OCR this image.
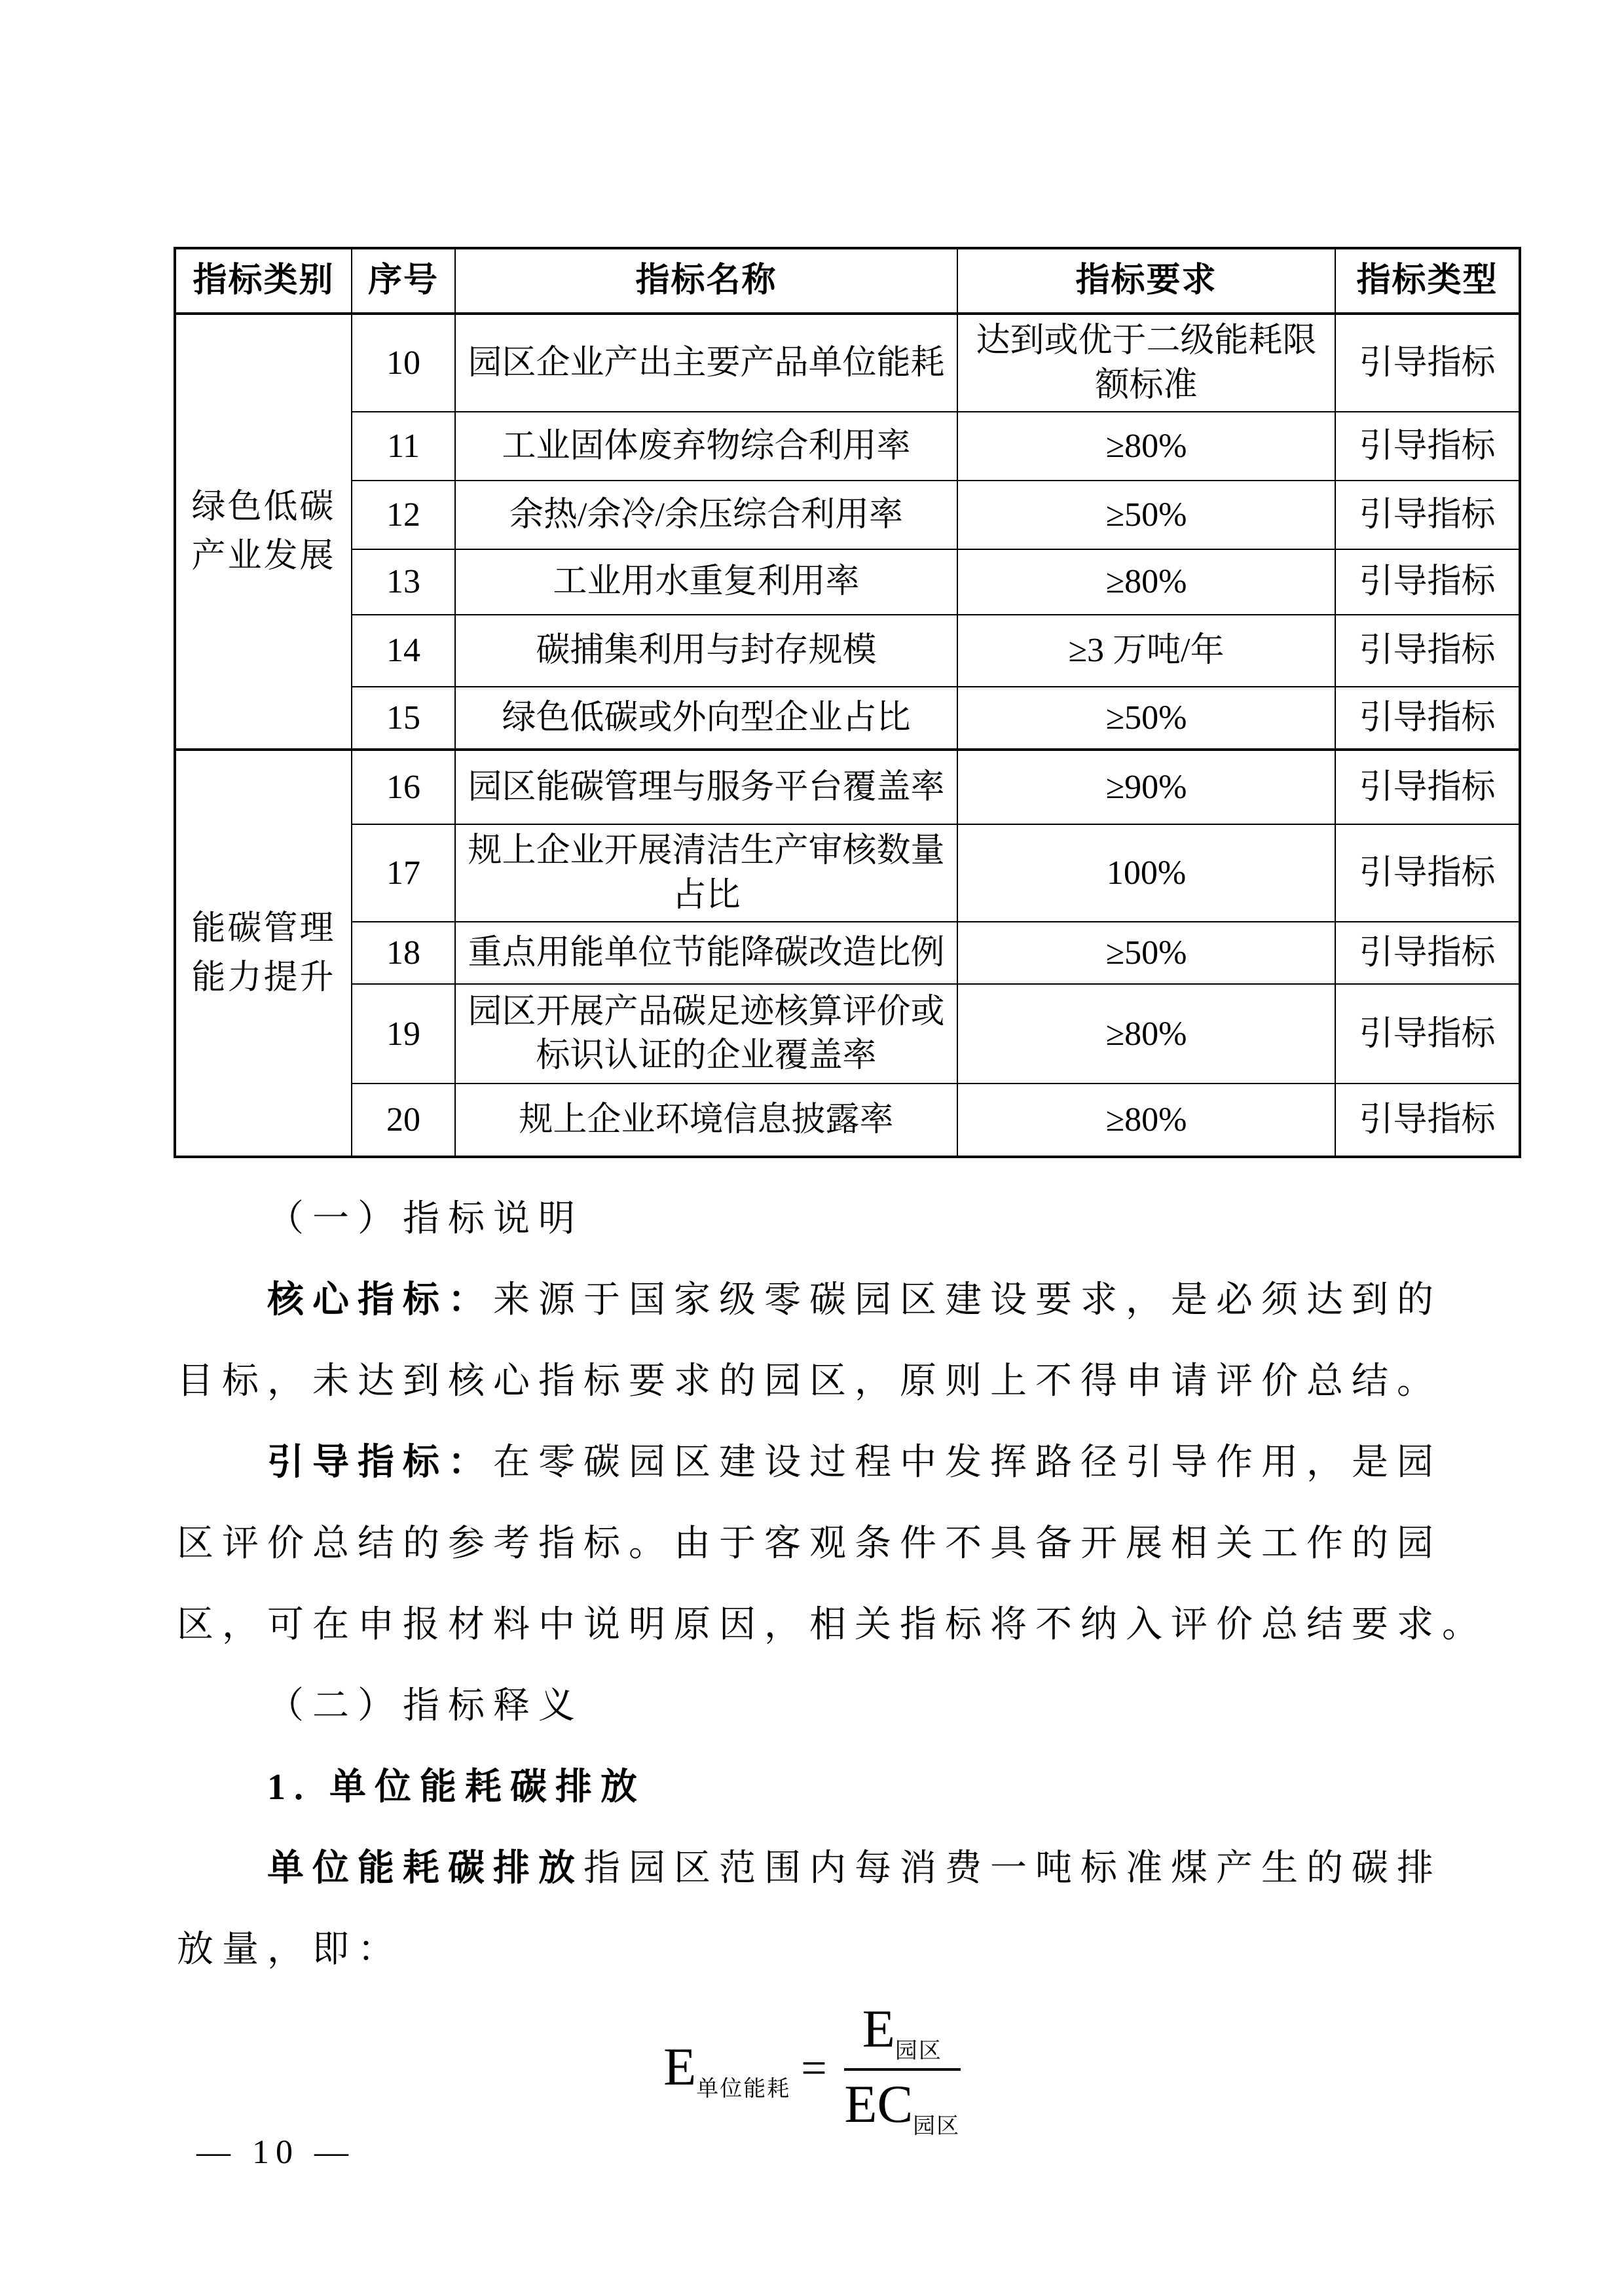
指标类别	序号	指标名称	指标要求	指标类型
绿色低碳产业发展	10	园区企业产出主要产品单位能耗	达到或优于二级能耗限额标准	引导指标
	11	工业固体废弃物综合利用率	≥80%	引导指标
	12	余热/余冷/余压综合利用率	≥50%	引导指标
	13	工业用水重复利用率	≥80%	引导指标
	14	碳捕集利用与封存规模	≥3 万吨/年	引导指标
	15	绿色低碳或外向型企业占比	≥50%	引导指标
能碳管理能力提升	16	园区能碳管理与服务平台覆盖率	≥90%	引导指标
	17	规上企业开展清洁生产审核数量占比	100%	引导指标
	18	重点用能单位节能降碳改造比例	≥50%	引导指标
	19	园区开展产品碳足迹核算评价或标识认证的企业覆盖率	≥80%	引导指标
	20	规上企业环境信息披露率	≥80%	引导指标
（一）指标说明
核心指标：来源于国家级零碳园区建设要求，是必须达到的
目标，未达到核心指标要求的园区，原则上不得申请评价总结。
引导指标：在零碳园区建设过程中发挥路径引导作用，是园
区评价总结的参考指标。由于客观条件不具备开展相关工作的园
区，可在申报材料中说明原因，相关指标将不纳入评价总结要求。
（二）指标释义
1. 单位能耗碳排放
单位能耗碳排放指园区范围内每消费一吨标准煤产生的碳排
放量，即：
$E_{单位能耗} = \frac{E_{园区}}{EC_{园区}}$
— 10 —
